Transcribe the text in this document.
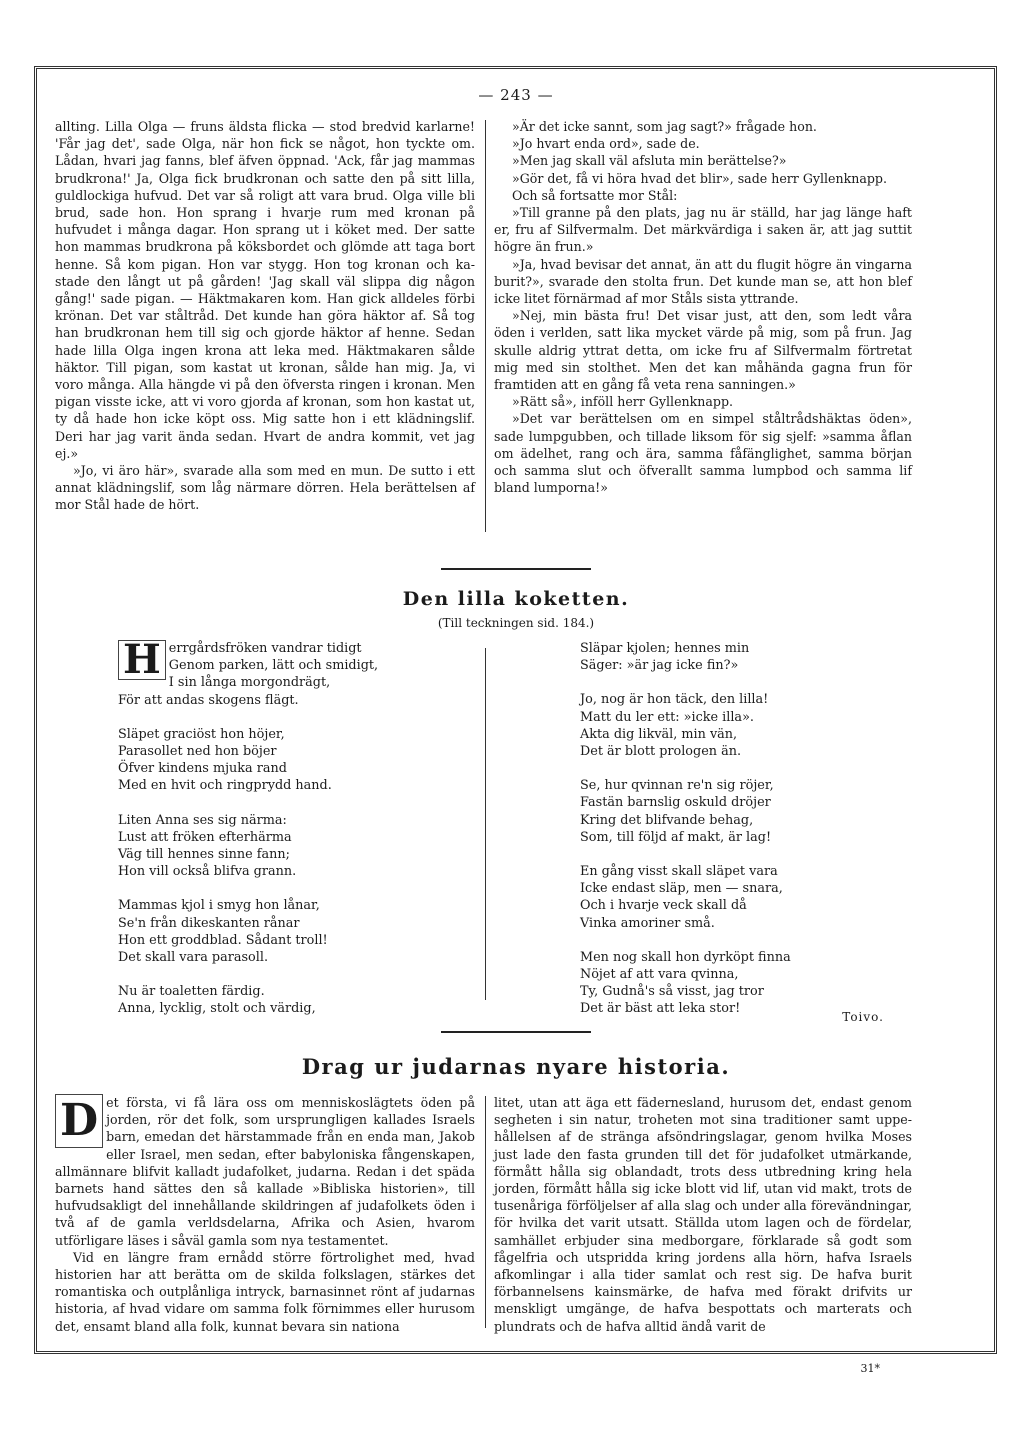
— 243 —

allting. Lilla Olga — fruns äldsta flicka — stod bredvid karlarne! 'Får jag det', sade Olga, när hon fick se något, hon tyckte om. Lådan, hvari jag fanns, blef äfven öppnad. 'Ack, får jag mammas brudkrona!' Ja, Olga fick brudkronan och satte den på sitt lilla, guldlockiga hufvud. Det var så roligt att vara brud. Olga ville bli brud, sade hon. Hon sprang i hvarje rum med kronan på hufvudet i många dagar. Hon sprang ut i köket med. Der satte hon mammas brudkrona på köksbordet och glömde att taga bort henne. Så kom pigan. Hon var stygg. Hon tog kronan och kastade den långt ut på gården! 'Jag skall väl slippa dig någon gång!' sade pigan. — Häktmakaren kom. Han gick alldeles förbi krönan. Det var ståltråd. Det kunde han göra häktor af. Så tog han brudkronan hem till sig och gjorde häktor af henne. Sedan hade lilla Olga ingen krona att leka med. Häktmakaren sålde häktor. Till pigan, som kastat ut kronan, sålde han mig. Ja, vi voro många. Alla hängde vi på den öfversta ringen i kronan. Men pigan visste icke, att vi voro gjorda af kronan, som hon kastat ut, ty då hade hon icke köpt oss. Mig satte hon i ett klädningslif. Deri har jag varit ända sedan. Hvart de andra kommit, vet jag ej.»

»Jo, vi äro här», svarade alla som med en mun. De sutto i ett annat klädningslif, som låg närmare dörren. Hela berättelsen af mor Stål hade de hört.

»Är det icke sannt, som jag sagt?» frågade hon.

»Jo hvart enda ord», sade de.

»Men jag skall väl afsluta min berättelse?»

»Gör det, få vi höra hvad det blir», sade herr Gyllenknapp.

Och så fortsatte mor Stål:

»Till granne på den plats, jag nu är ställd, har jag länge haft er, fru af Silfvermalm. Det märkvärdiga i saken är, att jag suttit högre än frun.»

»Ja, hvad bevisar det annat, än att du flugit högre än vingarna burit?», svarade den stolta frun. Det kunde man se, att hon blef icke litet förnärmad af mor Ståls sista yttrande.

»Nej, min bästa fru! Det visar just, att den, som ledt våra öden i verlden, satt lika mycket värde på mig, som på frun. Jag skulle aldrig yttrat detta, om icke fru af Silfvermalm förtretat mig med sin stolthet. Men det kan måhända gagna frun för framtiden att en gång få veta rena sanningen.»

»Rätt så», inföll herr Gyllenknapp.

»Det var berättelsen om en simpel ståltrådshäktas öden», sade lumpgubben, och tillade liksom för sig sjelf: »samma åflan om ädelhet, rang och ära, samma fåfänglighet, samma början och samma slut och öfverallt samma lumpbod och samma lif bland lumporna!»

Den lilla koketten.
(Till teckningen sid. 184.)
H errgårdsfröken vandrar tidigt
Genom parken, lätt och smidigt,
I sin långa morgondrägt,
För att andas skogens flägt.
Släpet graciöst hon höjer,
Parasollet ned hon böjer
Öfver kindens mjuka rand
Med en hvit och ringprydd hand.
Liten Anna ses sig närma:
Lust att fröken efterhärma
Väg till hennes sinne fann;
Hon vill också blifva grann.
Mammas kjol i smyg hon lånar,
Se'n från dikeskanten rånar
Hon ett groddblad. Sådant troll!
Det skall vara parasoll.
Nu är toaletten färdig.
Anna, lycklig, stolt och värdig,
Släpar kjolen; hennes min
Säger: »är jag icke fin?»
Jo, nog är hon täck, den lilla!
Matt du ler ett: »icke illa».
Akta dig likväl, min vän,
Det är blott prologen än.
Se, hur qvinnan re'n sig röjer,
Fastän barnslig oskuld dröjer
Kring det blifvande behag,
Som, till följd af makt, är lag!
En gång visst skall släpet vara
Icke endast släp, men — snara,
Och i hvarje veck skall då
Vinka amoriner små.
Men nog skall hon dyrköpt finna
Nöjet af att vara qvinna,
Ty, Gudnå's så visst, jag tror
Det är bäst att leka stor!
Toivo.
Drag ur judarnas nyare historia.
D et första, vi få lära oss om menniskoslägtets öden på jorden, rör det folk, som ursprungligen kallades Israels barn, emedan det härstammade från en enda man, Jakob eller Israel, men sedan, efter babyloniska fångenskapen, allmännare blifvit kalladt judafolket, judarna. Redan i det späda barnets hand sättes den så kallade »Bibliska historien», till hufvudsakligt del innehållande skildringen af judafolkets öden i två af de gamla verldsdelarna, Afrika och Asien, hvarom utförligare läses i såväl gamla som nya testamentet.

Vid en längre fram ernådd större förtrolighet med, hvad historien har att berätta om de skilda folkslagen, stärkes det romantiska och outplånliga intryck, barnasinnet rönt af judarnas historia, af hvad vidare om samma folk förnimmes eller hurusom det, ensamt bland alla folk, kunnat bevara sin nationa

litet, utan att äga ett fädernesland, hurusom det, endast genom segheten i sin natur, troheten mot sina traditioner samt uppehållelsen af de stränga afsöndringslagar, genom hvilka Moses just lade den fasta grunden till det för judafolket utmärkande, förmått hålla sig oblandadt, trots dess utbredning kring hela jorden, förmått hålla sig icke blott vid lif, utan vid makt, trots de tusenåriga förföljelser af alla slag och under alla förevändningar, för hvilka det varit utsatt. Ställda utom lagen och de fördelar, samhället erbjuder sina medborgare, förklarade så godt som fågelfria och utspridda kring jordens alla hörn, hafva Israels afkomlingar i alla tider samlat och rest sig. De hafva burit förbannelsens kainsmärke, de hafva med förakt drifvits ur menskligt umgänge, de hafva bespottats och marterats och plundrats och de hafva alltid ändå varit de

31*
